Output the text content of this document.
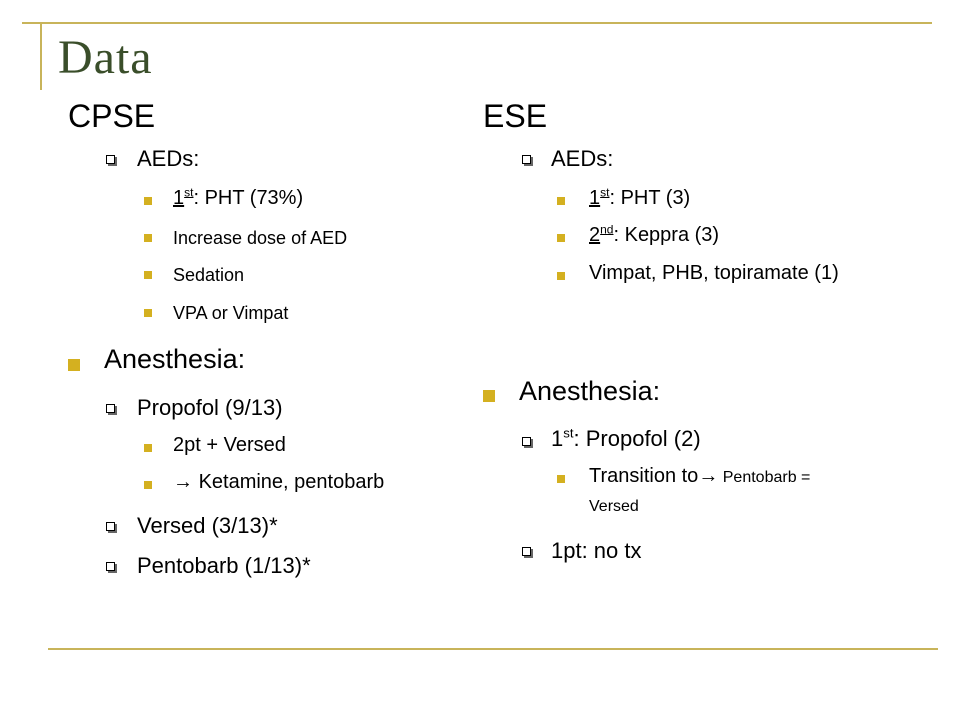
Data
CPSE
AEDs:
1st: PHT (73%)
Increase dose of AED
Sedation
VPA or Vimpat
Anesthesia:
Propofol (9/13)
2pt + Versed
→ Ketamine, pentobarb
Versed (3/13)*
Pentobarb (1/13)*
ESE
AEDs:
1st: PHT (3)
2nd: Keppra (3)
Vimpat, PHB, topiramate (1)
Anesthesia:
1st: Propofol (2)
Transition to→ Pentobarb =
Versed
1pt: no tx
